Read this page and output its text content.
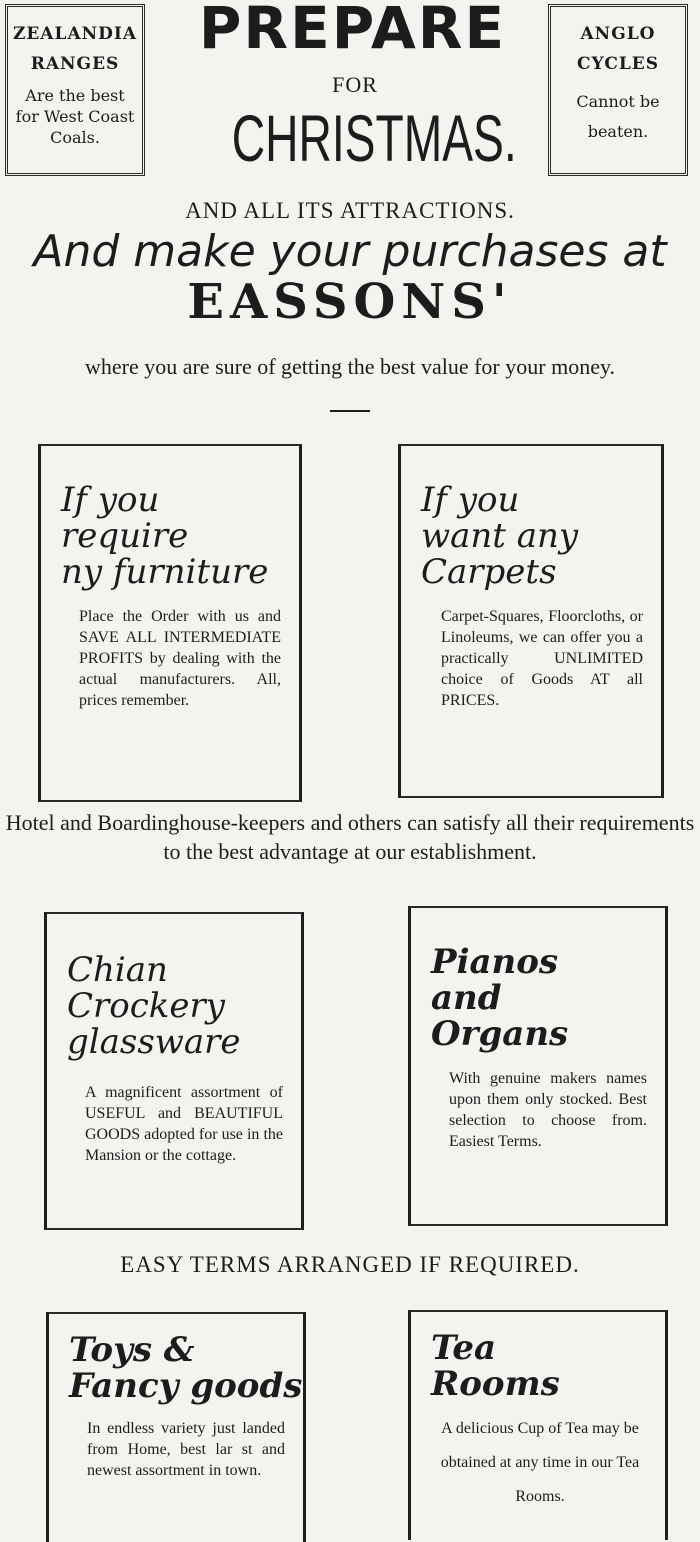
ZEALANDIA
RANGES
Are the best for West Coast Coals.
ANGLO
CYCLES
Cannot be beaten.
PREPARE
FOR
CHRISTMAS.
AND ALL ITS ATTRACTIONS.
And make your purchases at
EASSONS'
where you are sure of getting the best value for your money.
If you
require
ny furniture
Place the Order with us and SAVE ALL INTERMEDIATE PROFITS by dealing with the actual manufacturers. All, prices remember.
If you
want any
Carpets
Carpet-Squares, Floorcloths, or Linoleums, we can offer you a practically UNLIMITED choice of Goods AT all PRICES.
Hotel and Boardinghouse-keepers and others can satisfy all their requirements to the best advantage at our establishment.
Chian
Crockery
glassware
A magnificent assortment of USEFUL and BEAUTIFUL GOODS adopted for use in the Mansion or the cottage.
Pianos
and
Organs
With genuine makers names upon them only stocked. Best selection to choose from. Easiest Terms.
EASY TERMS ARRANGED IF REQUIRED.
Toys &
Fancy goods
In endless variety just landed from Home, best lar st and newest assortment in town.
Tea
Rooms
A delicious Cup of Tea may be obtained at any time in our Tea Rooms.
